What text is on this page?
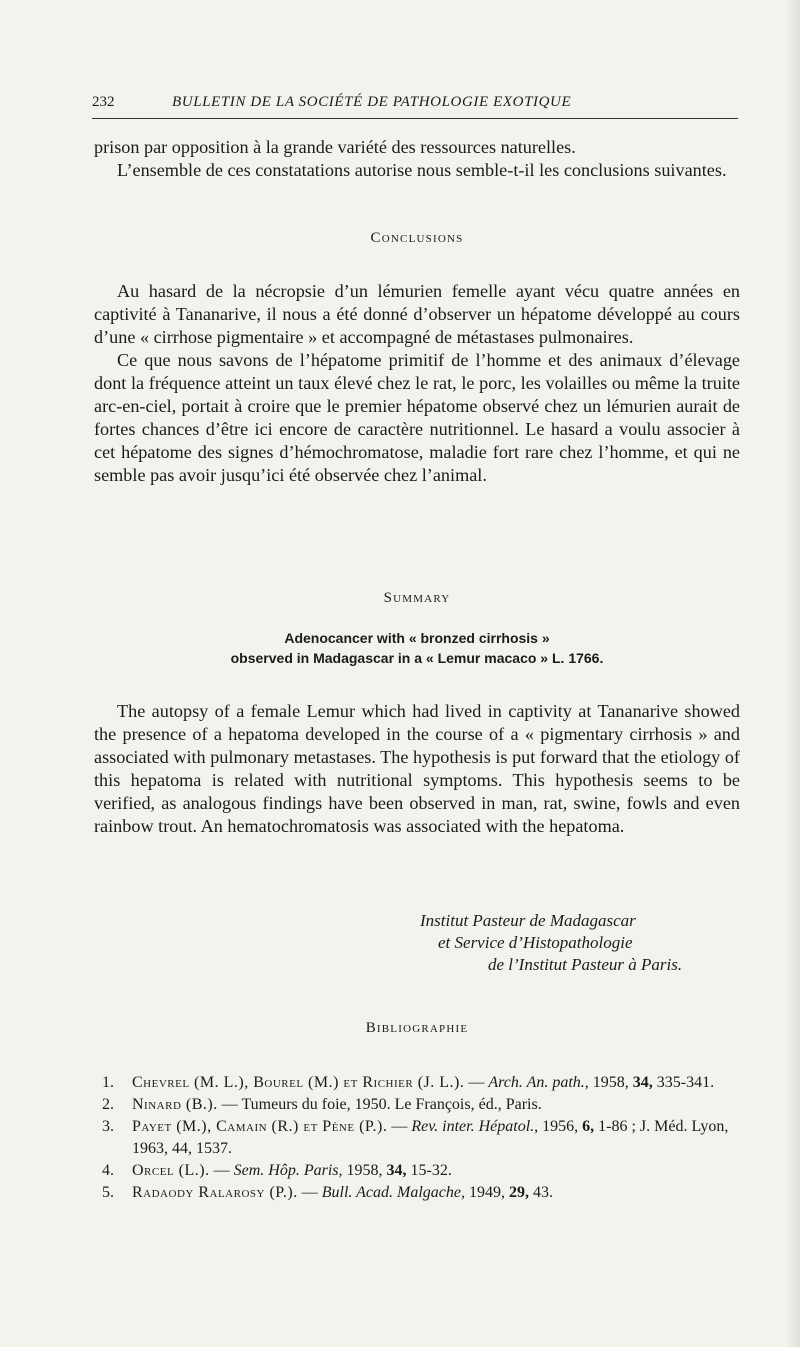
232	BULLETIN DE LA SOCIÉTÉ DE PATHOLOGIE EXOTIQUE

prison par opposition à la grande variété des ressources naturelles.

L’ensemble de ces constatations autorise nous semble-t-il les conclusions suivantes.

Conclusions

Au hasard de la nécropsie d’un lémurien femelle ayant vécu quatre années en captivité à Tananarive, il nous a été donné d’observer un hépatome développé au cours d’une « cirrhose pigmentaire » et accompagné de métastases pulmonaires.

Ce que nous savons de l’hépatome primitif de l’homme et des animaux d’élevage dont la fréquence atteint un taux élevé chez le rat, le porc, les volailles ou même la truite arc-en-ciel, portait à croire que le premier hépatome observé chez un lémurien aurait de fortes chances d’être ici encore de caractère nutritionnel. Le hasard a voulu associer à cet hépatome des signes d’hémochromatose, maladie fort rare chez l’homme, et qui ne semble pas avoir jusqu’ici été observée chez l’animal.

Summary
Adenocancer with « bronzed cirrhosis »
observed in Madagascar in a « Lemur macaco » L. 1766.

The autopsy of a female Lemur which had lived in captivity at Tananarive showed the presence of a hepatoma developed in the course of a « pigmentary cirrhosis » and associated with pulmonary metastases. The hypothesis is put forward that the etiology of this hepatoma is related with nutritional symptoms. This hypothesis seems to be verified, as analogous findings have been observed in man, rat, swine, fowls and even rainbow trout. An hematochromatosis was associated with the hepatoma.

Institut Pasteur de Madagascar
et Service d’Histopathologie
de l’Institut Pasteur à Paris.
Bibliographie
1. Chevrel (M. L.), Bourel (M.) et Richier (J. L.). — Arch. An. path., 1958, 34, 335-341.
2. Ninard (B.). — Tumeurs du foie, 1950. Le François, éd., Paris.
3. Payet (M.), Camain (R.) et Pène (P.). — Rev. inter. Hépatol., 1956, 6, 1-86 ; J. Méd. Lyon, 1963, 44, 1537.
4. Orcel (L.). — Sem. Hôp. Paris, 1958, 34, 15-32.
5. Radaody Ralarosy (P.). — Bull. Acad. Malgache, 1949, 29, 43.
